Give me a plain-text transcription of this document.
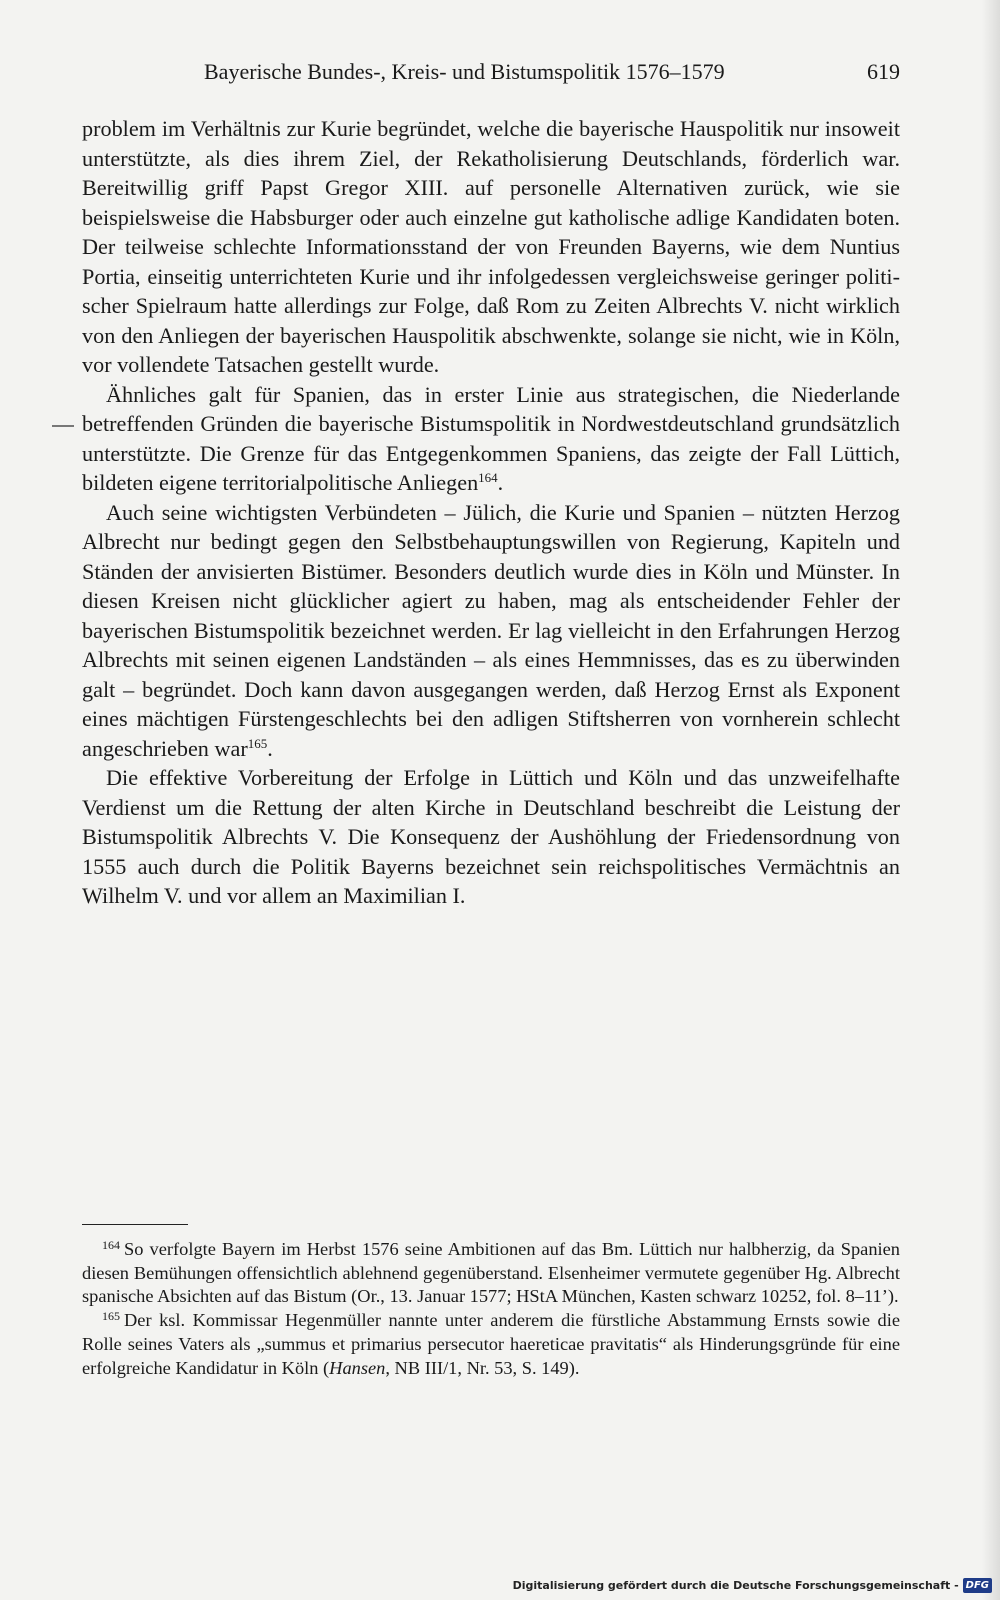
Bayerische Bundes-, Kreis- und Bistumspolitik 1576–1579	619

problem im Verhältnis zur Kurie begründet, welche die bayerische Hauspolitik nur insoweit unterstützte, als dies ihrem Ziel, der Rekatholisierung Deutschlands, förderlich war. Bereitwillig griff Papst Gregor XIII. auf personelle Alternativen zurück, wie sie beispielsweise die Habsburger oder auch einzelne gut katholische adlige Kandidaten boten. Der teilweise schlechte Informationsstand der von Freunden Bayerns, wie dem Nuntius Portia, einseitig unterrichteten Kurie und ihr infolgedessen vergleichsweise geringer politischer Spielraum hatte allerdings zur Folge, daß Rom zu Zeiten Albrechts V. nicht wirklich von den Anliegen der bayerischen Hauspolitik abschwenkte, solange sie nicht, wie in Köln, vor vollendete Tatsachen gestellt wurde.

Ähnliches galt für Spanien, das in erster Linie aus strategischen, die Niederlande betreffenden Gründen die bayerische Bistumspolitik in Nordwestdeutschland grundsätzlich unterstützte. Die Grenze für das Entgegenkommen Spaniens, das zeigte der Fall Lüttich, bildeten eigene territorialpolitische Anliegen$^{164}$.

Auch seine wichtigsten Verbündeten – Jülich, die Kurie und Spanien – nützten Herzog Albrecht nur bedingt gegen den Selbstbehauptungswillen von Regierung, Kapiteln und Ständen der anvisierten Bistümer. Besonders deutlich wurde dies in Köln und Münster. In diesen Kreisen nicht glücklicher agiert zu haben, mag als entscheidender Fehler der bayerischen Bistumspolitik bezeichnet werden. Er lag vielleicht in den Erfahrungen Herzog Albrechts mit seinen eigenen Landständen – als eines Hemmnisses, das es zu überwinden galt – begründet. Doch kann davon ausgegangen werden, daß Herzog Ernst als Exponent eines mächtigen Fürstengeschlechts bei den adligen Stiftsherren von vornherein schlecht angeschrieben war$^{165}$.

Die effektive Vorbereitung der Erfolge in Lüttich und Köln und das unzweifelhafte Verdienst um die Rettung der alten Kirche in Deutschland beschreibt die Leistung der Bistumspolitik Albrechts V. Die Konsequenz der Aushöhlung der Friedensordnung von 1555 auch durch die Politik Bayerns bezeichnet sein reichspolitisches Vermächtnis an Wilhelm V. und vor allem an Maximilian I.

$^{164}$ So verfolgte Bayern im Herbst 1576 seine Ambitionen auf das Bm. Lüttich nur halbherzig, da Spanien diesen Bemühungen offensichtlich ablehnend gegenüberstand. Elsenheimer vermutete gegenüber Hg. Albrecht spanische Absichten auf das Bistum (Or., 13. Januar 1577; HStA München, Kasten schwarz 10252, fol. 8–11’).

$^{165}$ Der ksl. Kommissar Hegenmüller nannte unter anderem die fürstliche Abstammung Ernsts sowie die Rolle seines Vaters als „summus et primarius persecutor haereticae pravitatis“ als Hinderungsgründe für eine erfolgreiche Kandidatur in Köln (Hansen, NB III/1, Nr. 53, S. 149).

Digitalisierung gefördert durch die Deutsche Forschungsgemeinschaft - DFG
